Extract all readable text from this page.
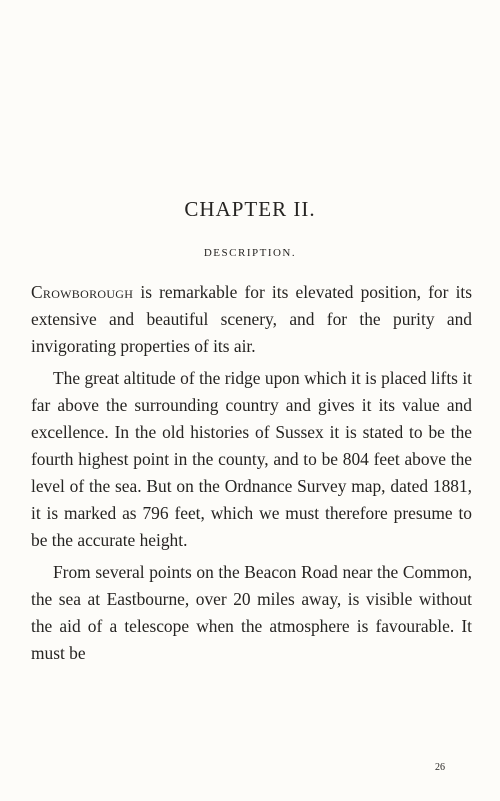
CHAPTER II.
DESCRIPTION.

Crowborough is remarkable for its elevated position, for its extensive and beautiful scenery, and for the purity and invigorating properties of its air.

The great altitude of the ridge upon which it is placed lifts it far above the surrounding country and gives it its value and excellence. In the old histories of Sussex it is stated to be the fourth highest point in the county, and to be 804 feet above the level of the sea. But on the Ordnance Survey map, dated 1881, it is marked as 796 feet, which we must therefore presume to be the accurate height.

From several points on the Beacon Road near the Common, the sea at Eastbourne, over 20 miles away, is visible without the aid of a telescope when the atmosphere is favourable. It must be

26
